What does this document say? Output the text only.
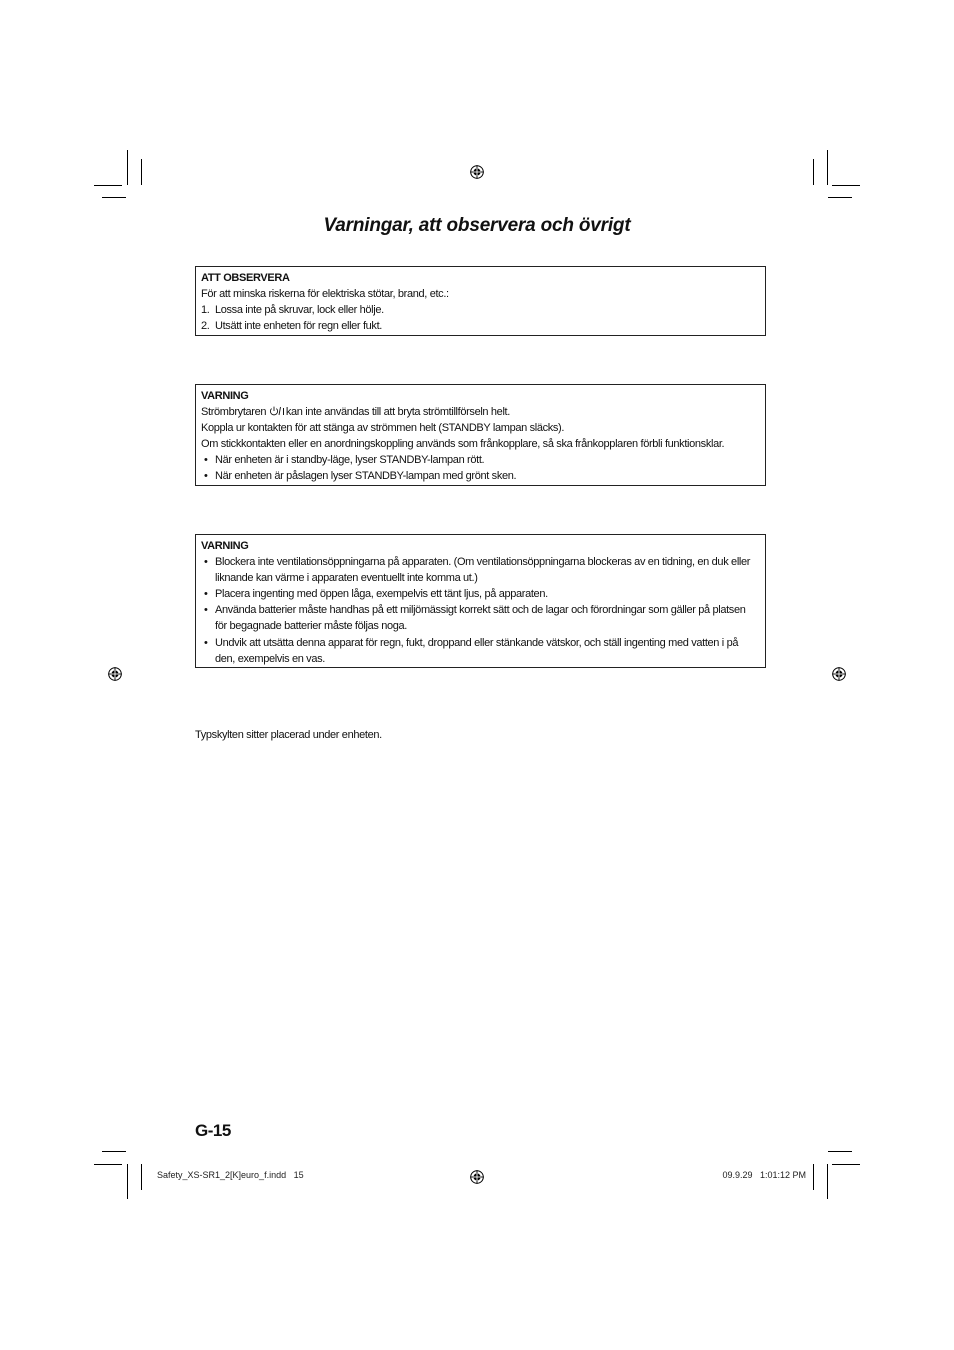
Varningar, att observera och övrigt

ATT OBSERVERA

För att minska riskerna för elektriska stötar, brand, etc.:

1. Lossa inte på skruvar, lock eller hölje.
2. Utsätt inte enheten för regn eller fukt.

VARNING

Strömbrytaren kan inte användas till att bryta strömtillförseln helt.

Koppla ur kontakten för att stänga av strömmen helt (STANDBY lampan släcks).

Om stickkontakten eller en anordningskoppling används som frånkopplare, så ska frånkopplaren förbli funktionsklar.

• När enheten är i standby-läge, lyser STANDBY-lampan rött.
• När enheten är påslagen lyser STANDBY-lampan med grönt sken.

VARNING

• Blockera inte ventilationsöppningarna på apparaten. (Om ventilationsöppningarna blockeras av en tidning, en duk eller liknande kan värme i apparaten eventuellt inte komma ut.)
• Placera ingenting med öppen låga, exempelvis ett tänt ljus, på apparaten.
• Använda batterier måste handhas på ett miljömässigt korrekt sätt och de lagar och förordningar som gäller på platsen för begagnade batterier måste följas noga.
• Undvik att utsätta denna apparat för regn, fukt, droppand eller stänkande vätskor, och ställ ingenting med vatten i på den, exempelvis en vas.
Typskylten sitter placerad under enheten.
G-15
Safety_XS-SR1_2[K]euro_f.indd   15	09.9.29   1:01:12 PM
